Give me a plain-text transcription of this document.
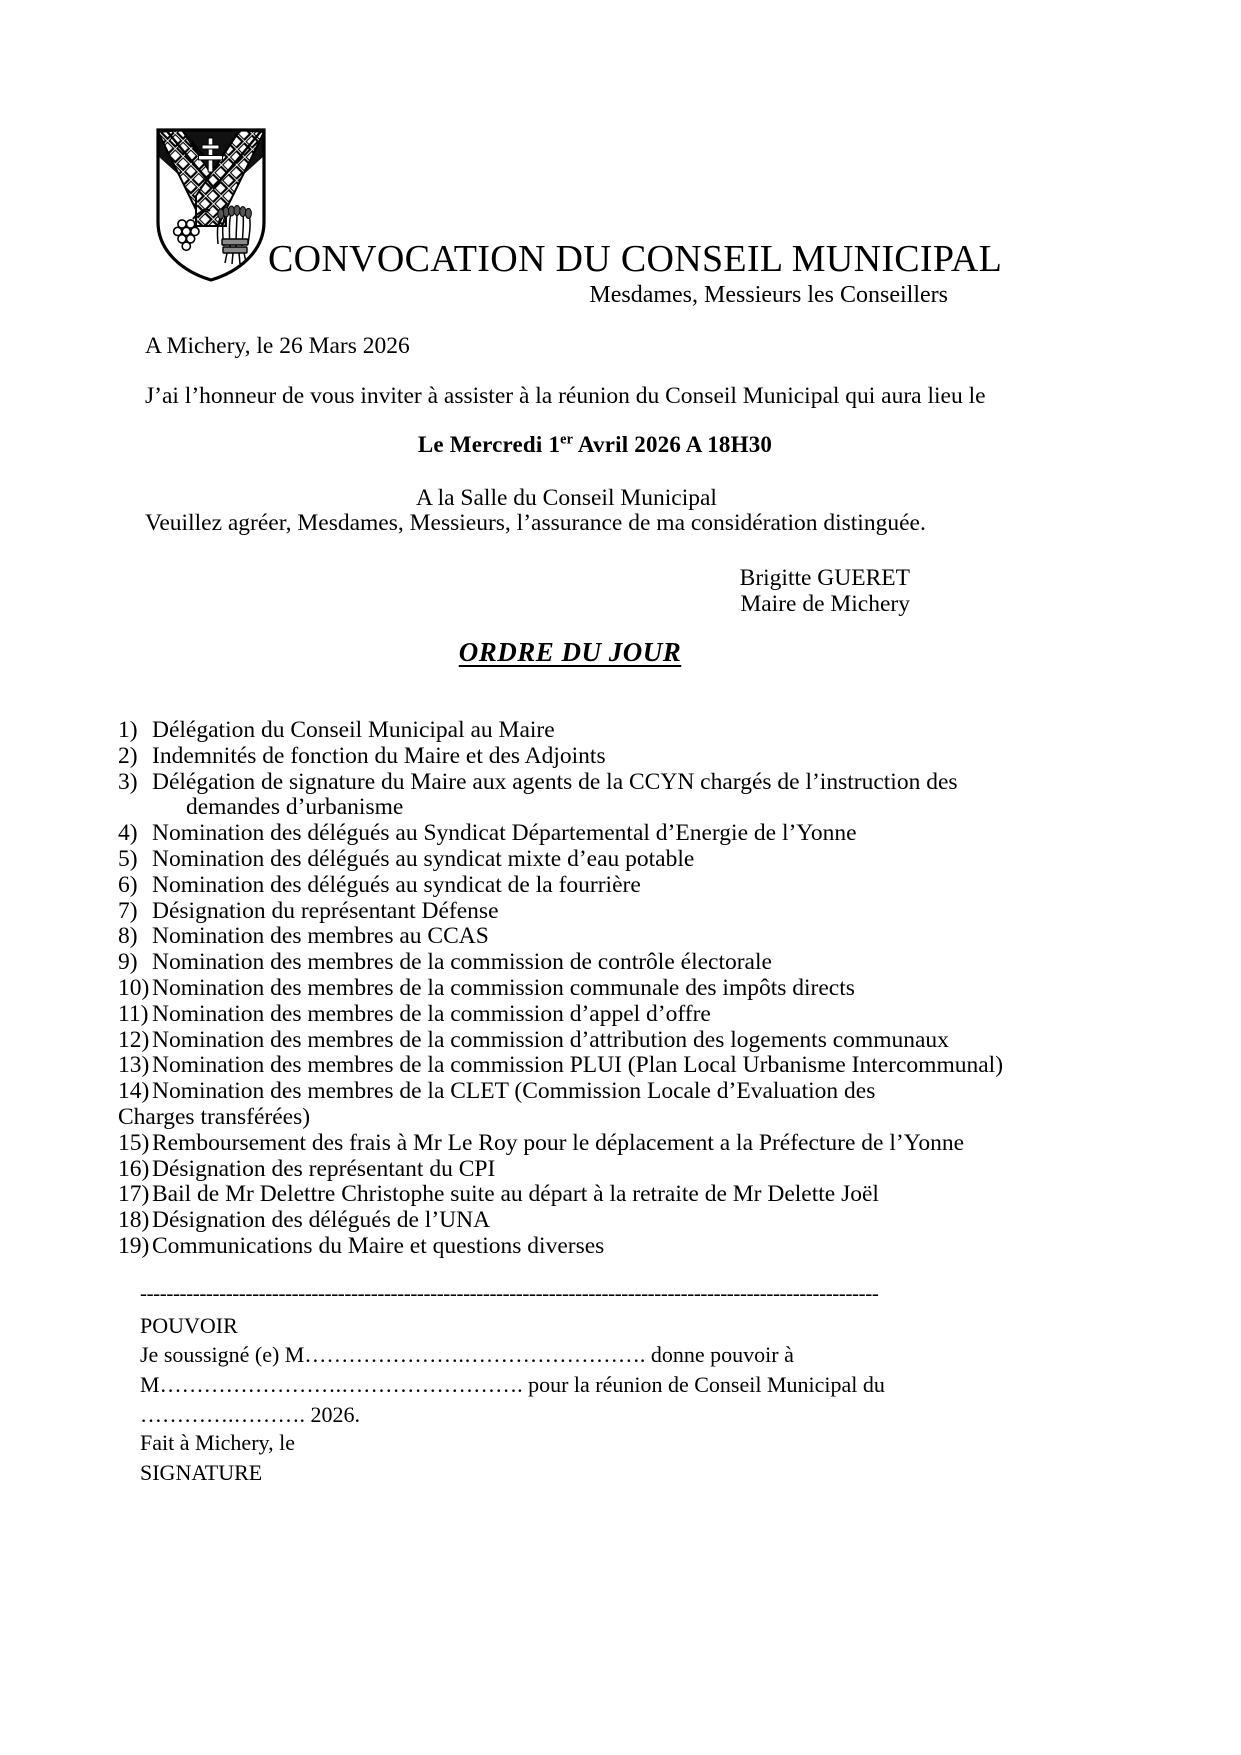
CONVOCATION DU CONSEIL MUNICIPAL
Mesdames, Messieurs les Conseillers
A Michery, le 26 Mars 2026
J’ai l’honneur de vous inviter à assister à la réunion du Conseil Municipal qui aura lieu le
Le Mercredi 1er Avril 2026 A 18H30
A la Salle du Conseil Municipal
Veuillez agréer, Mesdames, Messieurs, l’assurance de ma considération distinguée.
Brigitte GUERET
Maire de Michery
ORDRE DU JOUR
1) Délégation du Conseil Municipal au Maire
2) Indemnités de fonction du Maire et des Adjoints
3) Délégation de signature du Maire aux agents de la CCYN chargés de l’instruction des
demandes d’urbanisme
4) Nomination des délégués au Syndicat Départemental d’Energie de l’Yonne
5) Nomination des délégués au syndicat mixte d’eau potable
6) Nomination des délégués au syndicat de la fourrière
7) Désignation du représentant Défense
8) Nomination des membres au CCAS
9) Nomination des membres de la commission de contrôle électorale
10) Nomination des membres de la commission communale des impôts directs
11) Nomination des membres de la commission d’appel d’offre
12) Nomination des membres de la commission d’attribution des logements communaux
13) Nomination des membres de la commission PLUI (Plan Local Urbanisme Intercommunal)
14) Nomination des membres de la CLET (Commission Locale d’Evaluation des
Charges transférées)
15) Remboursement des frais à Mr Le Roy pour le déplacement a la Préfecture de l’Yonne
16) Désignation des représentant du CPI
17) Bail de Mr Delettre Christophe suite au départ à la retraite de Mr Delette Joël
18) Désignation des délégués de l’UNA
19) Communications du Maire et questions diverses
----------------------------------------------------------------------------------------------------------------
POUVOIR
Je soussigné (e) M………………….……………………. donne pouvoir à
M…………………….……………………. pour la réunion de Conseil Municipal du
………….………. 2026.
Fait à Michery, le
SIGNATURE
